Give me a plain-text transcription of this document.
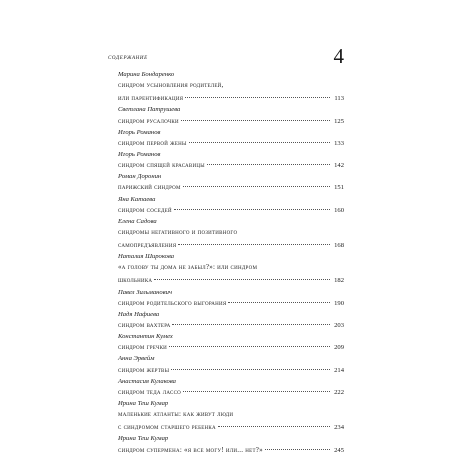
содержание	4
Марина Бондаренко
синдром усыновления родителей,
или парентификация	113
Светлана Патрушева
синдром русалочки	125
Игорь Романов
синдром первой жены	133
Игорь Романов
синдром спящей красавицы	142
Роман Доронин
парижский синдром	151
Яна Катаева
синдром соседей	160
Елена Садова
синдромы негативного и позитивного
самопредъявления	168
Наталия Широкова
«а голову ты дома не забыл?»: или синдром
школьника	182
Павел Зильманович
синдром родительского выгорания	190
Надя Нафиева
синдром вахтера	203
Константин Кумех
синдром гречки	209
Анна Эрвейм
синдром жертвы	214
Анастасия Кулакова
синдром теда лассо	222
Ирина Теш Кумар
маленькие атланты: как живут люди
с синдромом старшего ребенка	234
Ирина Теш Кумар
синдром супермена: «я все могу! или... нет?»	245
